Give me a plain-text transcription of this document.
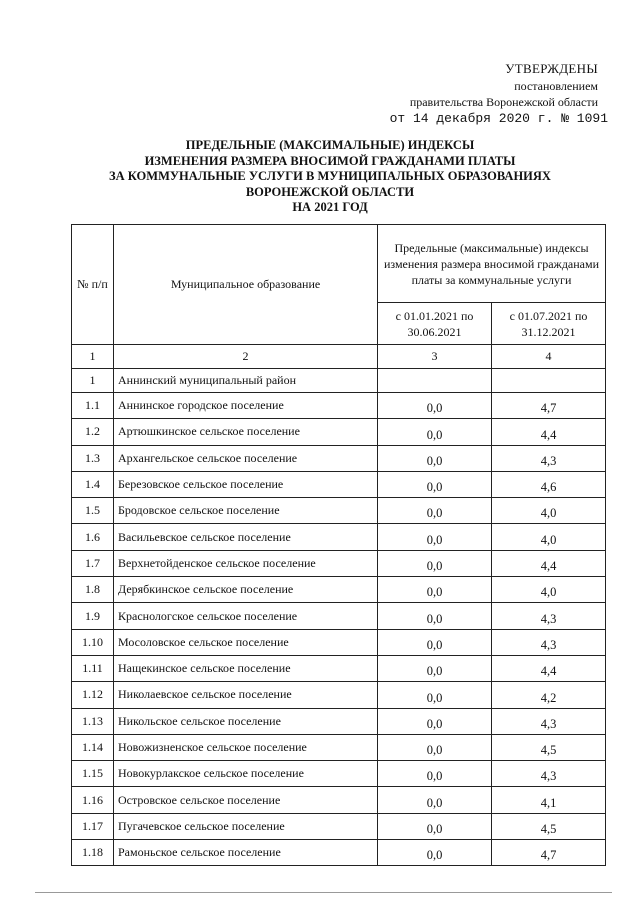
УТВЕРЖДЕНЫ
постановлением
правительства Воронежской области
от 14 декабря 2020 г. № 1091
ПРЕДЕЛЬНЫЕ (МАКСИМАЛЬНЫЕ) ИНДЕКСЫ
ИЗМЕНЕНИЯ РАЗМЕРА ВНОСИМОЙ ГРАЖДАНАМИ ПЛАТЫ
ЗА КОММУНАЛЬНЫЕ УСЛУГИ В МУНИЦИПАЛЬНЫХ ОБРАЗОВАНИЯХ
ВОРОНЕЖСКОЙ ОБЛАСТИ
НА 2021 ГОД
№ п/п	Муниципальное образование	Предельные (максимальные) индексы изменения размера вносимой гражданами платы за коммунальные услуги	
		с 01.01.2021 по 30.06.2021	с 01.07.2021 по 31.12.2021
1	2	3	4
1	Аннинский муниципальный район		
1.1	Аннинское городское поселение	0,0	4,7
1.2	Артюшкинское сельское поселение	0,0	4,4
1.3	Архангельское сельское поселение	0,0	4,3
1.4	Березовское сельское поселение	0,0	4,6
1.5	Бродовское сельское поселение	0,0	4,0
1.6	Васильевское сельское поселение	0,0	4,0
1.7	Верхнетойденское сельское поселение	0,0	4,4
1.8	Дерябкинское сельское поселение	0,0	4,0
1.9	Краснологское сельское поселение	0,0	4,3
1.10	Мосоловское сельское поселение	0,0	4,3
1.11	Нащекинское сельское поселение	0,0	4,4
1.12	Николаевское сельское поселение	0,0	4,2
1.13	Никольское сельское поселение	0,0	4,3
1.14	Новожизненское сельское поселение	0,0	4,5
1.15	Новокурлакское сельское поселение	0,0	4,3
1.16	Островское сельское поселение	0,0	4,1
1.17	Пугачевское сельское поселение	0,0	4,5
1.18	Рамоньское сельское поселение	0,0	4,7
